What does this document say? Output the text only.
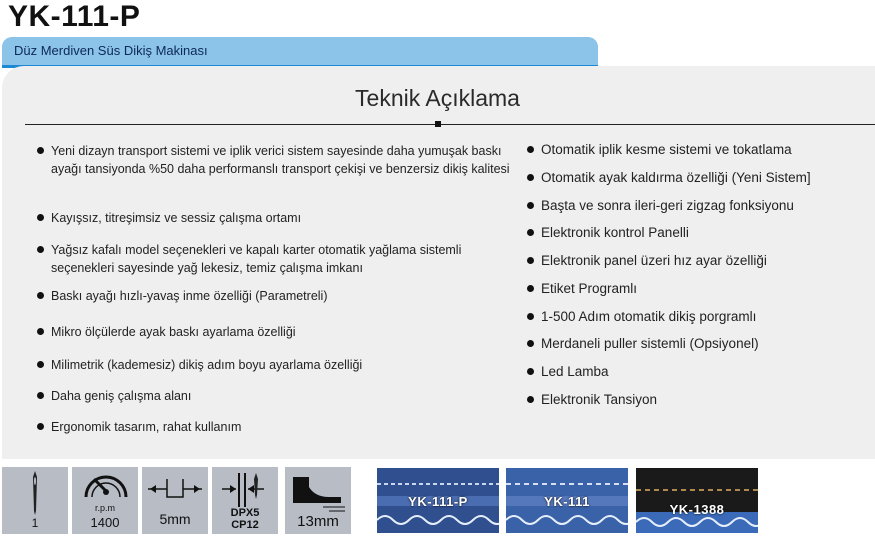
YK-111-P
Düz Merdiven Süs Dikiş Makinası
Teknik Açıklama
Yeni dizayn transport sistemi ve iplik verici sistem sayesinde daha yumuşak baskı ayağı tansiyonda %50 daha performanslı transport çekişi ve benzersiz dikiş kalitesi
Kayışsız, titreşimsiz ve sessiz çalışma ortamı
Yağsız kafalı model seçenekleri ve kapalı karter otomatik yağlama sistemli seçenekleri sayesinde yağ lekesiz, temiz çalışma imkanı
Baskı ayağı hızlı-yavaş inme özelliği (Parametreli)
Mikro ölçülerde ayak baskı ayarlama özelliği
Milimetrik (kademesiz) dikiş adım boyu ayarlama özelliği
Daha geniş çalışma alanı
Ergonomik tasarım, rahat kullanım
Otomatik iplik kesme sistemi ve tokatlama
Otomatik ayak kaldırma özelliği (Yeni Sistem]
Başta ve sonra ileri-geri zigzag fonksiyonu
Elektronik kontrol Panelli
Elektronik panel üzeri hız ayar özelliği
Etiket Programlı
1-500 Adım otomatik dikiş porgramlı
Merdaneli puller sistemli (Opsiyonel)
Led Lamba
Elektronik Tansiyon
1
r.p.m
1400	5mm	DPX5
CP12	13mm
YK-111-P	YK-111
YK-1388
